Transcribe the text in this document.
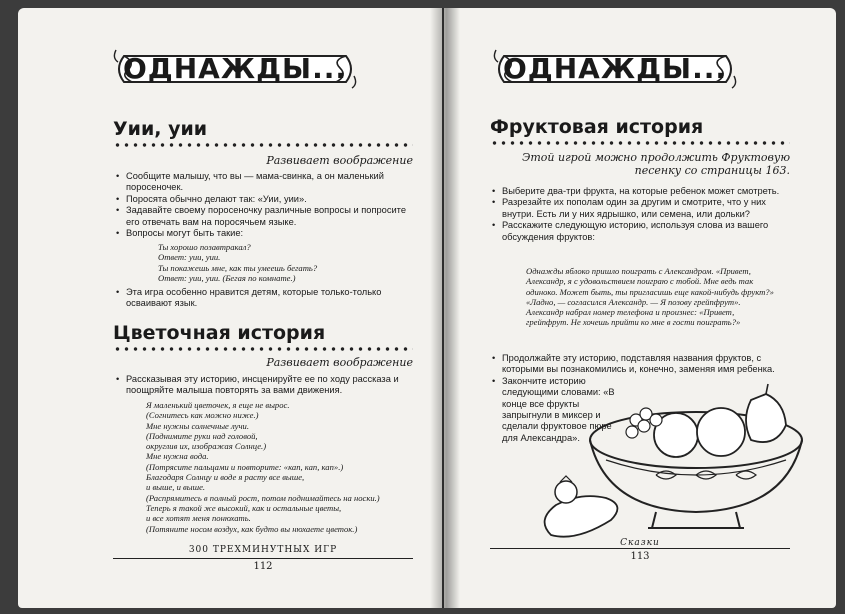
ОДНАЖДЫ...
Уии, уии
Развивает воображение
• Сообщите малышу, что вы — мама-свинка, а он маленький поросеночек.
• Поросята обычно делают так: «Уии, уии».
• Задавайте своему поросеночку различные вопросы и попросите его отвечать вам на поросячьем языке.
• Вопросы могут быть такие:
Ты хорошо позавтракал?
Ответ: уии, уии.
Ты покажешь мне, как ты умеешь бегать?
Ответ: уии, уии. (Бегая по комнате.)
• Эта игра особенно нравится детям, которые только-только осваивают язык.
Цветочная история
Развивает воображение
• Рассказывая эту историю, инсценируйте ее по ходу рассказа и поощряйте малыша повторять за вами движения.
Я маленький цветочек, я еще не вырос.
(Согнитесь как можно ниже.)
Мне нужны солнечные лучи.
(Поднимите руки над головой,
округлив их, изображая Солнце.)
Мне нужна вода.
(Потрясите пальцами и повторите: «кап, кап, кап».)
Благодаря Солнцу и воде я расту все выше,
и выше, и выше.
(Распрямитесь в полный рост, потом поднимайтесь на носки.)
Теперь я такой же высокий, как и остальные цветы,
и все хотят меня понюхать.
(Потяните носом воздух, как будто вы нюхаете цветок.)
300 ТРЕХМИНУТНЫХ ИГР
112
ОДНАЖДЫ...
Фруктовая история
Этой игрой можно продолжить Фруктовую песенку со страницы 163.
• Выберите два-три фрукта, на которые ребенок может смотреть.
• Разрезайте их пополам один за другим и смотрите, что у них внутри. Есть ли у них ядрышко, или семена, или дольки?
• Расскажите следующую историю, используя слова из вашего обсуждения фруктов:
Однажды яблоко пришло поиграть с Александром. «Привет, Александр, я с удовольствием поиграю с тобой. Мне ведь так одиноко. Может быть, ты пригласишь еще какой-нибудь фрукт?» «Ладно, — согласился Александр. — Я позову грейпфрут». Александр набрал номер телефона и произнес: «Привет, грейпфрут. Не хочешь прийти ко мне в гости поиграть?»
• Продолжайте эту историю, подставляя названия фруктов, с которыми вы познакомились и, конечно, заменяя имя ребенка.
• Закончите историю следующими словами: «В конце все фрукты запрыгнули в миксер и сделали фруктовое пюре для Александра».
Сказки
113
